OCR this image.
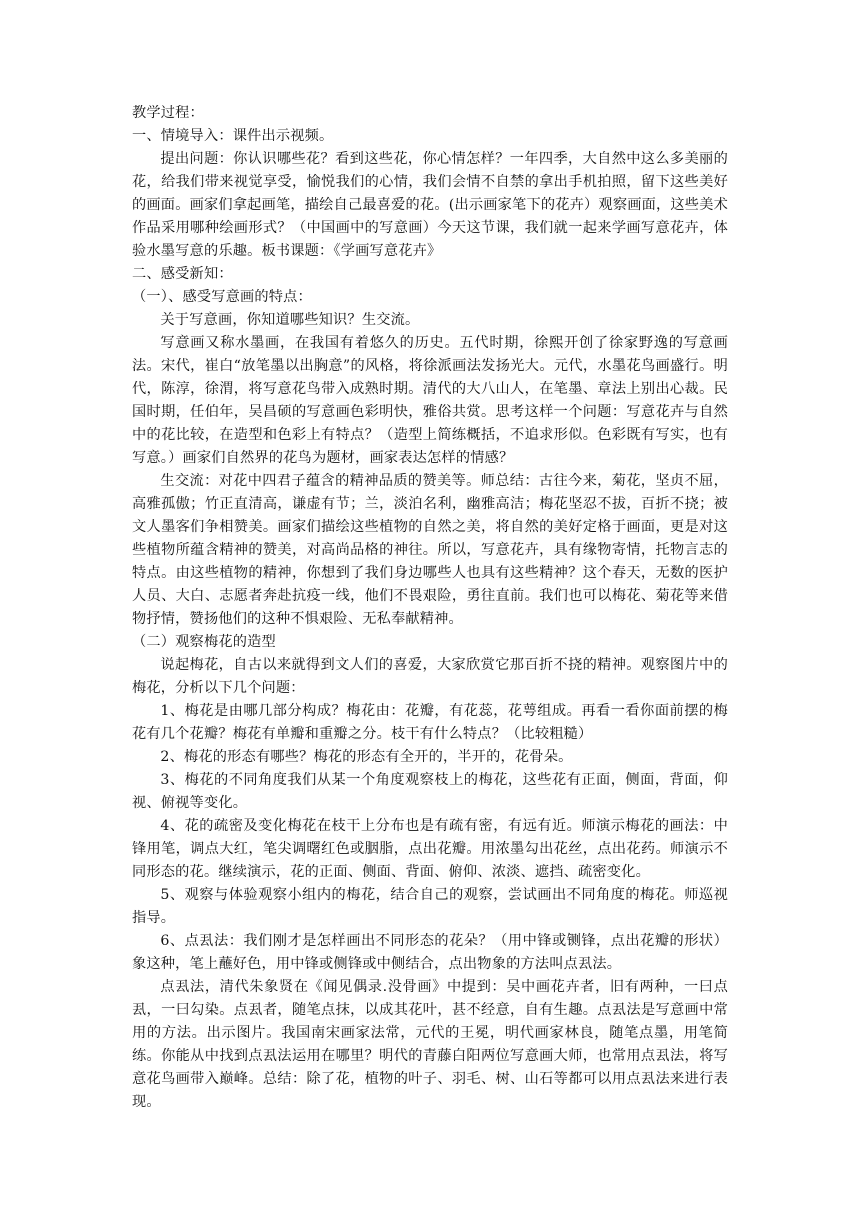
教学过程：

一、情境导入：课件出示视频。

提出问题：你认识哪些花？看到这些花，你心情怎样？一年四季，大自然中这么多美丽的花，给我们带来视觉享受，愉悦我们的心情，我们会情不自禁的拿出手机拍照，留下这些美好的画面。画家们拿起画笔，描绘自己最喜爱的花。(出示画家笔下的花卉）观察画面，这些美术作品采用哪种绘画形式？（中国画中的写意画）今天这节课，我们就一起来学画写意花卉，体验水墨写意的乐趣。板书课题：《学画写意花卉》

二、感受新知：

（一）、感受写意画的特点：

关于写意画，你知道哪些知识？生交流。

写意画又称水墨画，在我国有着悠久的历史。五代时期，徐熙开创了徐家野逸的写意画法。宋代，崔白“放笔墨以出胸意”的风格，将徐派画法发扬光大。元代，水墨花鸟画盛行。明代，陈淳，徐渭，将写意花鸟带入成熟时期。清代的大八山人，在笔墨、章法上别出心裁。民国时期，任伯年，吴昌硕的写意画色彩明快，雅俗共赏。思考这样一个问题：写意花卉与自然中的花比较，在造型和色彩上有特点？（造型上简练概括，不追求形似。色彩既有写实，也有写意。）画家们自然界的花鸟为题材，画家表达怎样的情感？

生交流：对花中四君子蕴含的精神品质的赞美等。师总结：古往今来，菊花，坚贞不屈，高雅孤傲；竹正直清高，谦虚有节；兰，淡泊名利，幽雅高洁；梅花坚忍不拔，百折不挠；被文人墨客们争相赞美。画家们描绘这些植物的自然之美，将自然的美好定格于画面，更是对这些植物所蕴含精神的赞美，对高尚品格的神往。所以，写意花卉，具有缘物寄情，托物言志的特点。由这些植物的精神，你想到了我们身边哪些人也具有这些精神？这个春天，无数的医护人员、大白、志愿者奔赴抗疫一线，他们不畏艰险，勇往直前。我们也可以梅花、菊花等来借物抒情，赞扬他们的这种不惧艰险、无私奉献精神。

（二）观察梅花的造型

说起梅花，自古以来就得到文人们的喜爱，大家欣赏它那百折不挠的精神。观察图片中的梅花，分析以下几个问题：

1、梅花是由哪几部分构成？梅花由：花瓣，有花蕊，花萼组成。再看一看你面前摆的梅花有几个花瓣？梅花有单瓣和重瓣之分。枝干有什么特点？（比较粗糙）

2、梅花的形态有哪些？梅花的形态有全开的，半开的，花骨朵。

3、梅花的不同角度我们从某一个角度观察枝上的梅花，这些花有正面，侧面，背面，仰视、俯视等变化。

4、花的疏密及变化梅花在枝干上分布也是有疏有密，有远有近。师演示梅花的画法：中锋用笔，调点大红，笔尖调曙红色或胭脂，点出花瓣。用浓墨勾出花丝，点出花药。师演示不同形态的花。继续演示，花的正面、侧面、背面、俯仰、浓淡、遮挡、疏密变化。

5、观察与体验观察小组内的梅花，结合自己的观察，尝试画出不同角度的梅花。师巡视指导。

6、点厾法：我们刚才是怎样画出不同形态的花朵？（用中锋或铡锋，点出花瓣的形状）象这种，笔上蘸好色，用中锋或侧锋或中侧结合，点出物象的方法叫点厾法。

点厾法，清代朱象贤在《闻见偶录.没骨画》中提到：吴中画花卉者，旧有两种，一曰点厾，一曰勾染。点厾者，随笔点抹，以成其花叶，甚不经意，自有生趣。点厾法是写意画中常用的方法。出示图片。我国南宋画家法常，元代的王冕，明代画家林良，随笔点墨，用笔简练。你能从中找到点厾法运用在哪里？明代的青藤白阳两位写意画大师，也常用点厾法，将写意花鸟画带入巅峰。总结：除了花，植物的叶子、羽毛、树、山石等都可以用点厾法来进行表现。
